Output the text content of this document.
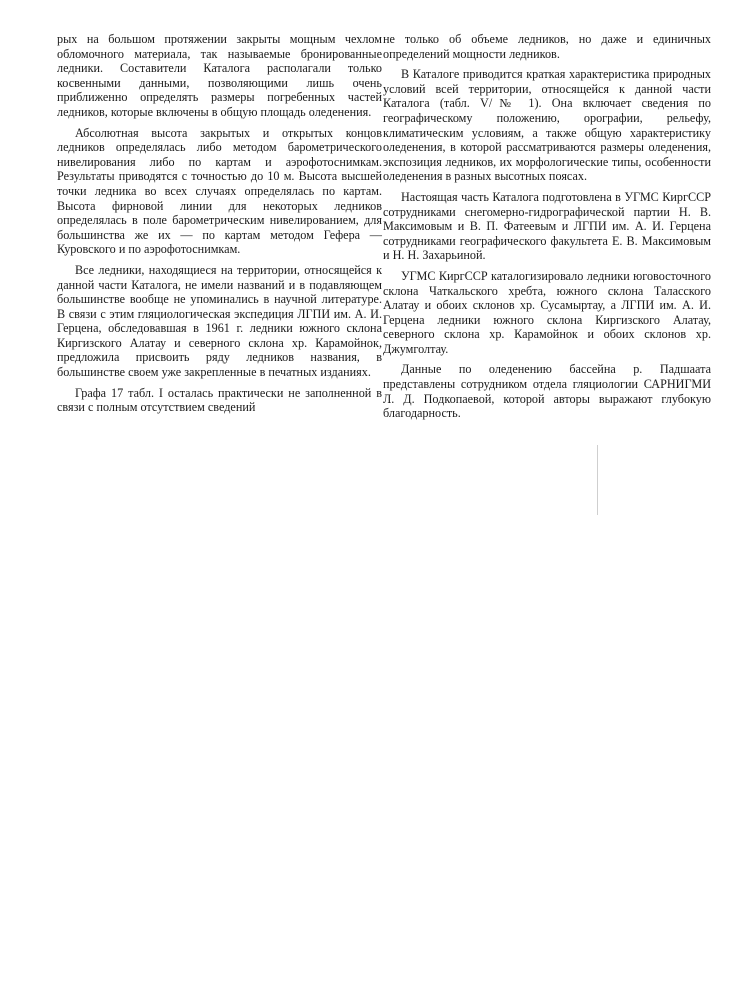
рых на большом протяжении закрыты мощным чехлом обломочного материала, так называемые бронированные ледники. Составители Каталога располагали только косвенными данными, позволяющими лишь очень приближенно определять размеры погребенных частей ледников, которые включены в общую площадь оледенения.

Абсолютная высота закрытых и открытых концов ледников определялась либо методом барометрического нивелирования либо по картам и аэрофотоснимкам. Результаты приводятся с точностью до 10 м. Высота высшей точки ледника во всех случаях определялась по картам. Высота фирновой линии для некоторых ледников определялась в поле барометрическим нивелированием, для большинства же их — по картам методом Гефера — Куровского и по аэрофотоснимкам.

Все ледники, находящиеся на территории, относящейся к данной части Каталога, не имели названий и в подавляющем большинстве вообще не упоминались в научной литературе. В связи с этим гляциологическая экспедиция ЛГПИ им. А. И. Герцена, обследовавшая в 1961 г. ледники южного склона Киргизского Алатау и северного склона хр. Карамойнок, предложила присвоить ряду ледников названия, в большинстве своем уже закрепленные в печатных изданиях.

Графа 17 табл. I осталась практически не заполненной в связи с полным отсутствием сведений

не только об объеме ледников, но даже и единичных определений мощности ледников.

В Каталоге приводится краткая характеристика природных условий всей территории, относящейся к данной части Каталога (табл. V/№ 1). Она включает сведения по географическому положению, орографии, рельефу, климатическим условиям, а также общую характеристику оледенения, в которой рассматриваются размеры оледенения, экспозиция ледников, их морфологические типы, особенности оледенения в разных высотных поясах.

Настоящая часть Каталога подготовлена в УГМС КиргССР сотрудниками снегомерно-гидрографической партии Н. В. Максимовым и В. П. Фатеевым и ЛГПИ им. А. И. Герцена сотрудниками географического факультета Е. В. Максимовым и Н. Н. Захарьиной.

УГМС КиргССР каталогизировало ледники юговосточного склона Чаткальского хребта, южного склона Таласского Алатау и обоих склонов хр. Сусамыртау, а ЛГПИ им. А. И. Герцена ледники южного склона Киргизского Алатау, северного склона хр. Карамойнок и обоих склонов хр. Джумголтау.

Данные по оледенению бассейна р. Падшаата представлены сотрудником отдела гляциологии САРНИГМИ Л. Д. Подкопаевой, которой авторы выражают глубокую благодарность.
